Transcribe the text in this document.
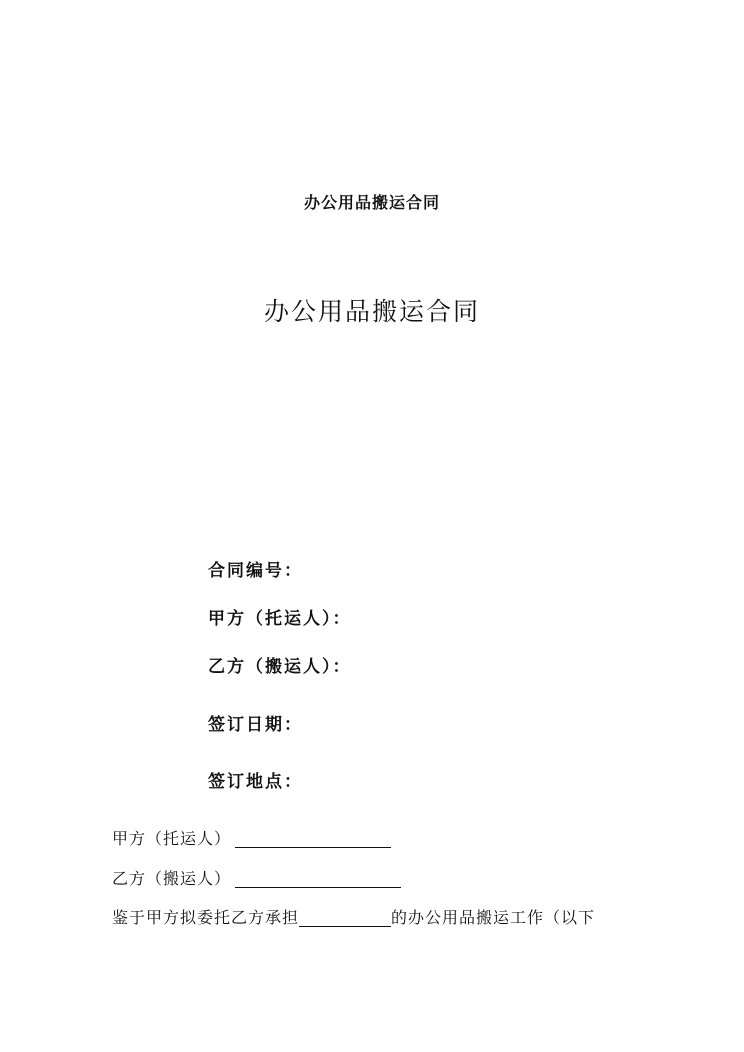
办公用品搬运合同
办公用品搬运合同
合同编号：
甲方（托运人）：
乙方（搬运人）：
签订日期：
签订地点：
甲方（托运人）
乙方（搬运人）
鉴于甲方拟委托乙方承担	的办公用品搬运工作（以下
